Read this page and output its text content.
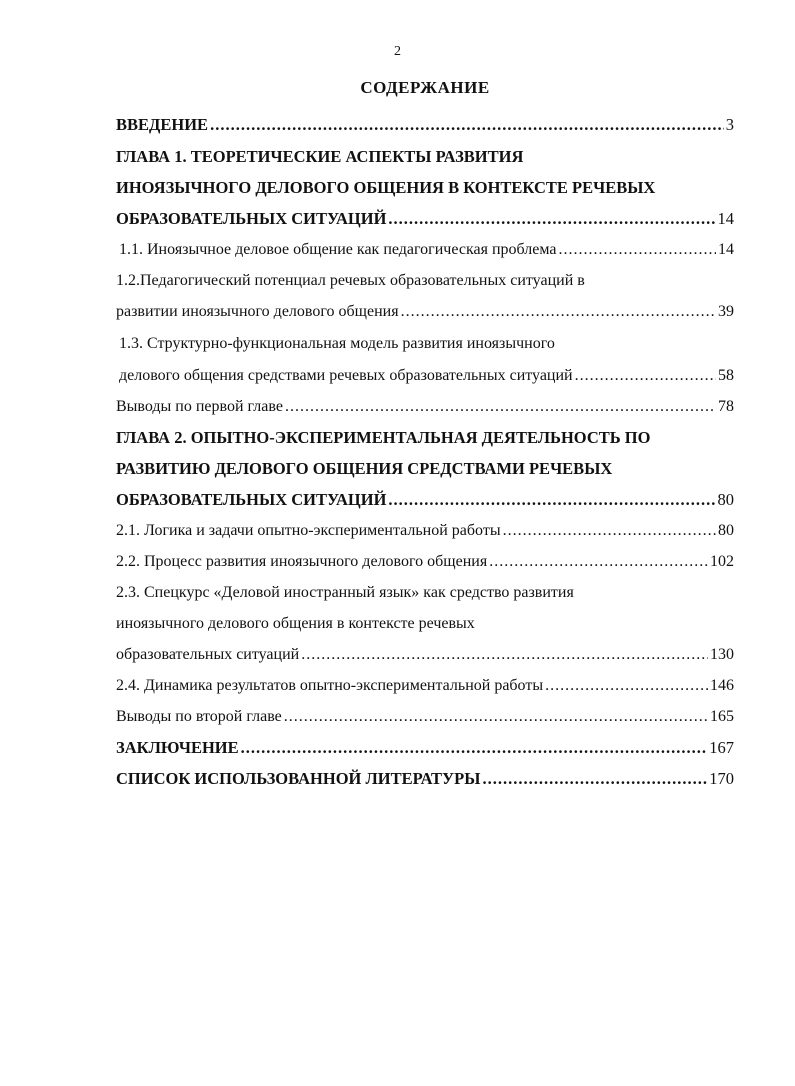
2
СОДЕРЖАНИЕ
ВВЕДЕНИЕ .....	3
ГЛАВА 1. ТЕОРЕТИЧЕСКИЕ АСПЕКТЫ РАЗВИТИЯ
ИНОЯЗЫЧНОГО ДЕЛОВОГО ОБЩЕНИЯ В КОНТЕКСТЕ РЕЧЕВЫХ
ОБРАЗОВАТЕЛЬНЫХ СИТУАЦИЙ .....	14
1.1. Иноязычное деловое общение как педагогическая проблема .....	14
1.2.Педагогический потенциал речевых образовательных ситуаций в
развитии иноязычного делового общения .....	39
1.3. Структурно-функциональная модель развития иноязычного
делового общения средствами речевых образовательных ситуаций .....	58
Выводы по первой главе .....	78
ГЛАВА 2. ОПЫТНО-ЭКСПЕРИМЕНТАЛЬНАЯ ДЕЯТЕЛЬНОСТЬ ПО
РАЗВИТИЮ ДЕЛОВОГО ОБЩЕНИЯ СРЕДСТВАМИ РЕЧЕВЫХ
ОБРАЗОВАТЕЛЬНЫХ СИТУАЦИЙ .....	80
2.1. Логика и задачи опытно-экспериментальной работы .....	80
2.2. Процесс развития иноязычного делового общения .....	102
2.3. Спецкурс «Деловой иностранный язык» как средство развития
иноязычного делового общения в контексте речевых
образовательных ситуаций .....	130
2.4. Динамика результатов опытно-экспериментальной работы .....	146
Выводы по второй главе .....	165
ЗАКЛЮЧЕНИЕ .....	167
СПИСОК ИСПОЛЬЗОВАННОЙ ЛИТЕРАТУРЫ .....	170
